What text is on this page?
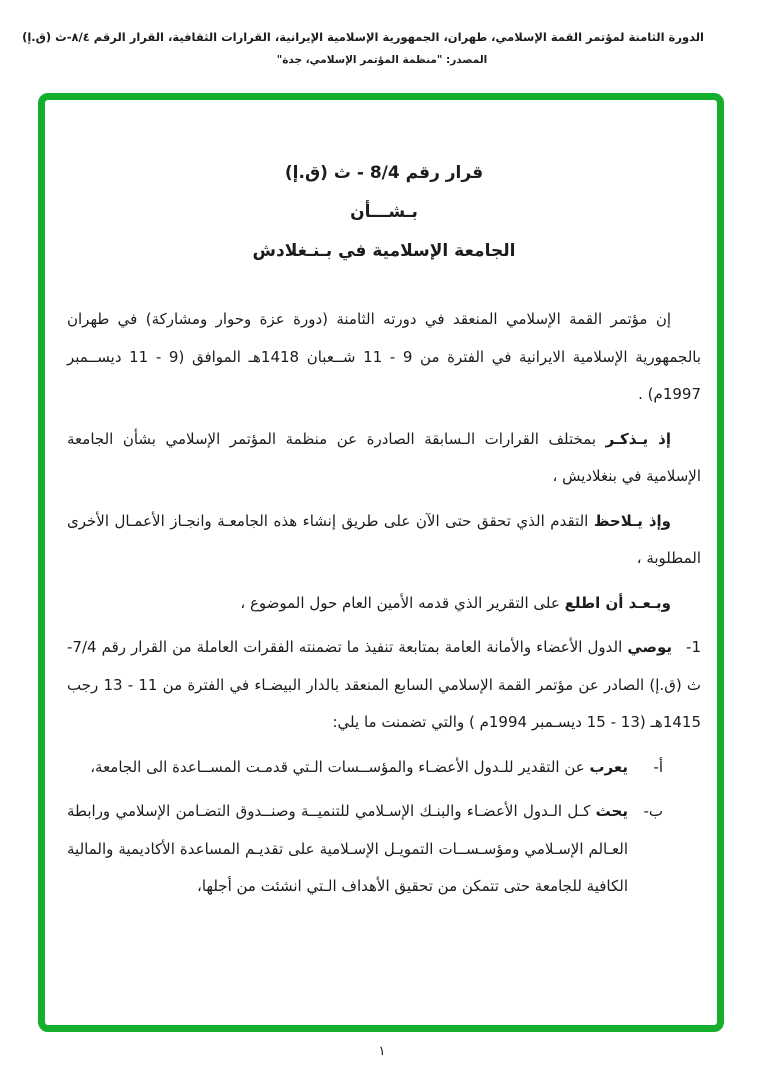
الدورة الثامنة لمؤتمر القمة الإسلامي، طهران، الجمهورية الإسلامية الإيرانية، القرارات الثقافية، القرار الرقم ٨/٤-ث (ق.إ)
المصدر: "منظمة المؤتمر الإسلامي، جدة"
قرار رقم 8/4 - ث (ق.إ)
بـشـــأن
الجامعة الإسلامية في بـنـغلادش

إن مؤتمر القمة الإسلامي المنعقد في دورته الثامنة (دورة عزة وحوار ومشاركة) في طهران بالجمهورية الإسلامية الايرانية في الفترة من 9 - 11 شــعبان 1418هـ الموافق (9 - 11 ديســمبر 1997م) .

إذ يـذكـر بمختلف القرارات الـسابقة الصادرة عن منظمة المؤتمر الإسلامي بشأن الجامعة الإسلامية في بنغلاديش ،

وإذ يـلاحظ التقدم الذي تحقق حتى الآن على طريق إنشاء هذه الجامعـة وانجـاز الأعمـال الأخرى المطلوبة ،

وبـعـد أن اطلع على التقرير الذي قدمه الأمين العام حول الموضوع ،

1-يوصي الدول الأعضاء والأمانة العامة بمتابعة تنفيذ ما تضمنته الفقرات العاملة من القرار رقم 7/4-ث (ق.إ) الصادر عن مؤتمر القمة الإسلامي السابع المنعقد بالدار البيضـاء في الفترة من 11 - 13 رجب 1415هـ (13 - 15 ديسـمبر 1994م ) والتي تضمنت ما يلي:

أ-
يعرب عن التقدير للـدول الأعضـاء والمؤســسات الـتي قدمـت المســاعدة الى الجامعة،
ب-
يحث كـل الـدول الأعضـاء والبنـك الإسـلامي للتنميــة وصنــدوق التضـامن الإسلامي ورابطة العـالم الإسـلامي ومؤسـســات التمويـل الإسـلامية على تقديـم المساعدة الأكاديمية والمالية الكافية للجامعة حتى تتمكن من تحقيق الأهداف الـتي انشئت من أجلها،
١
